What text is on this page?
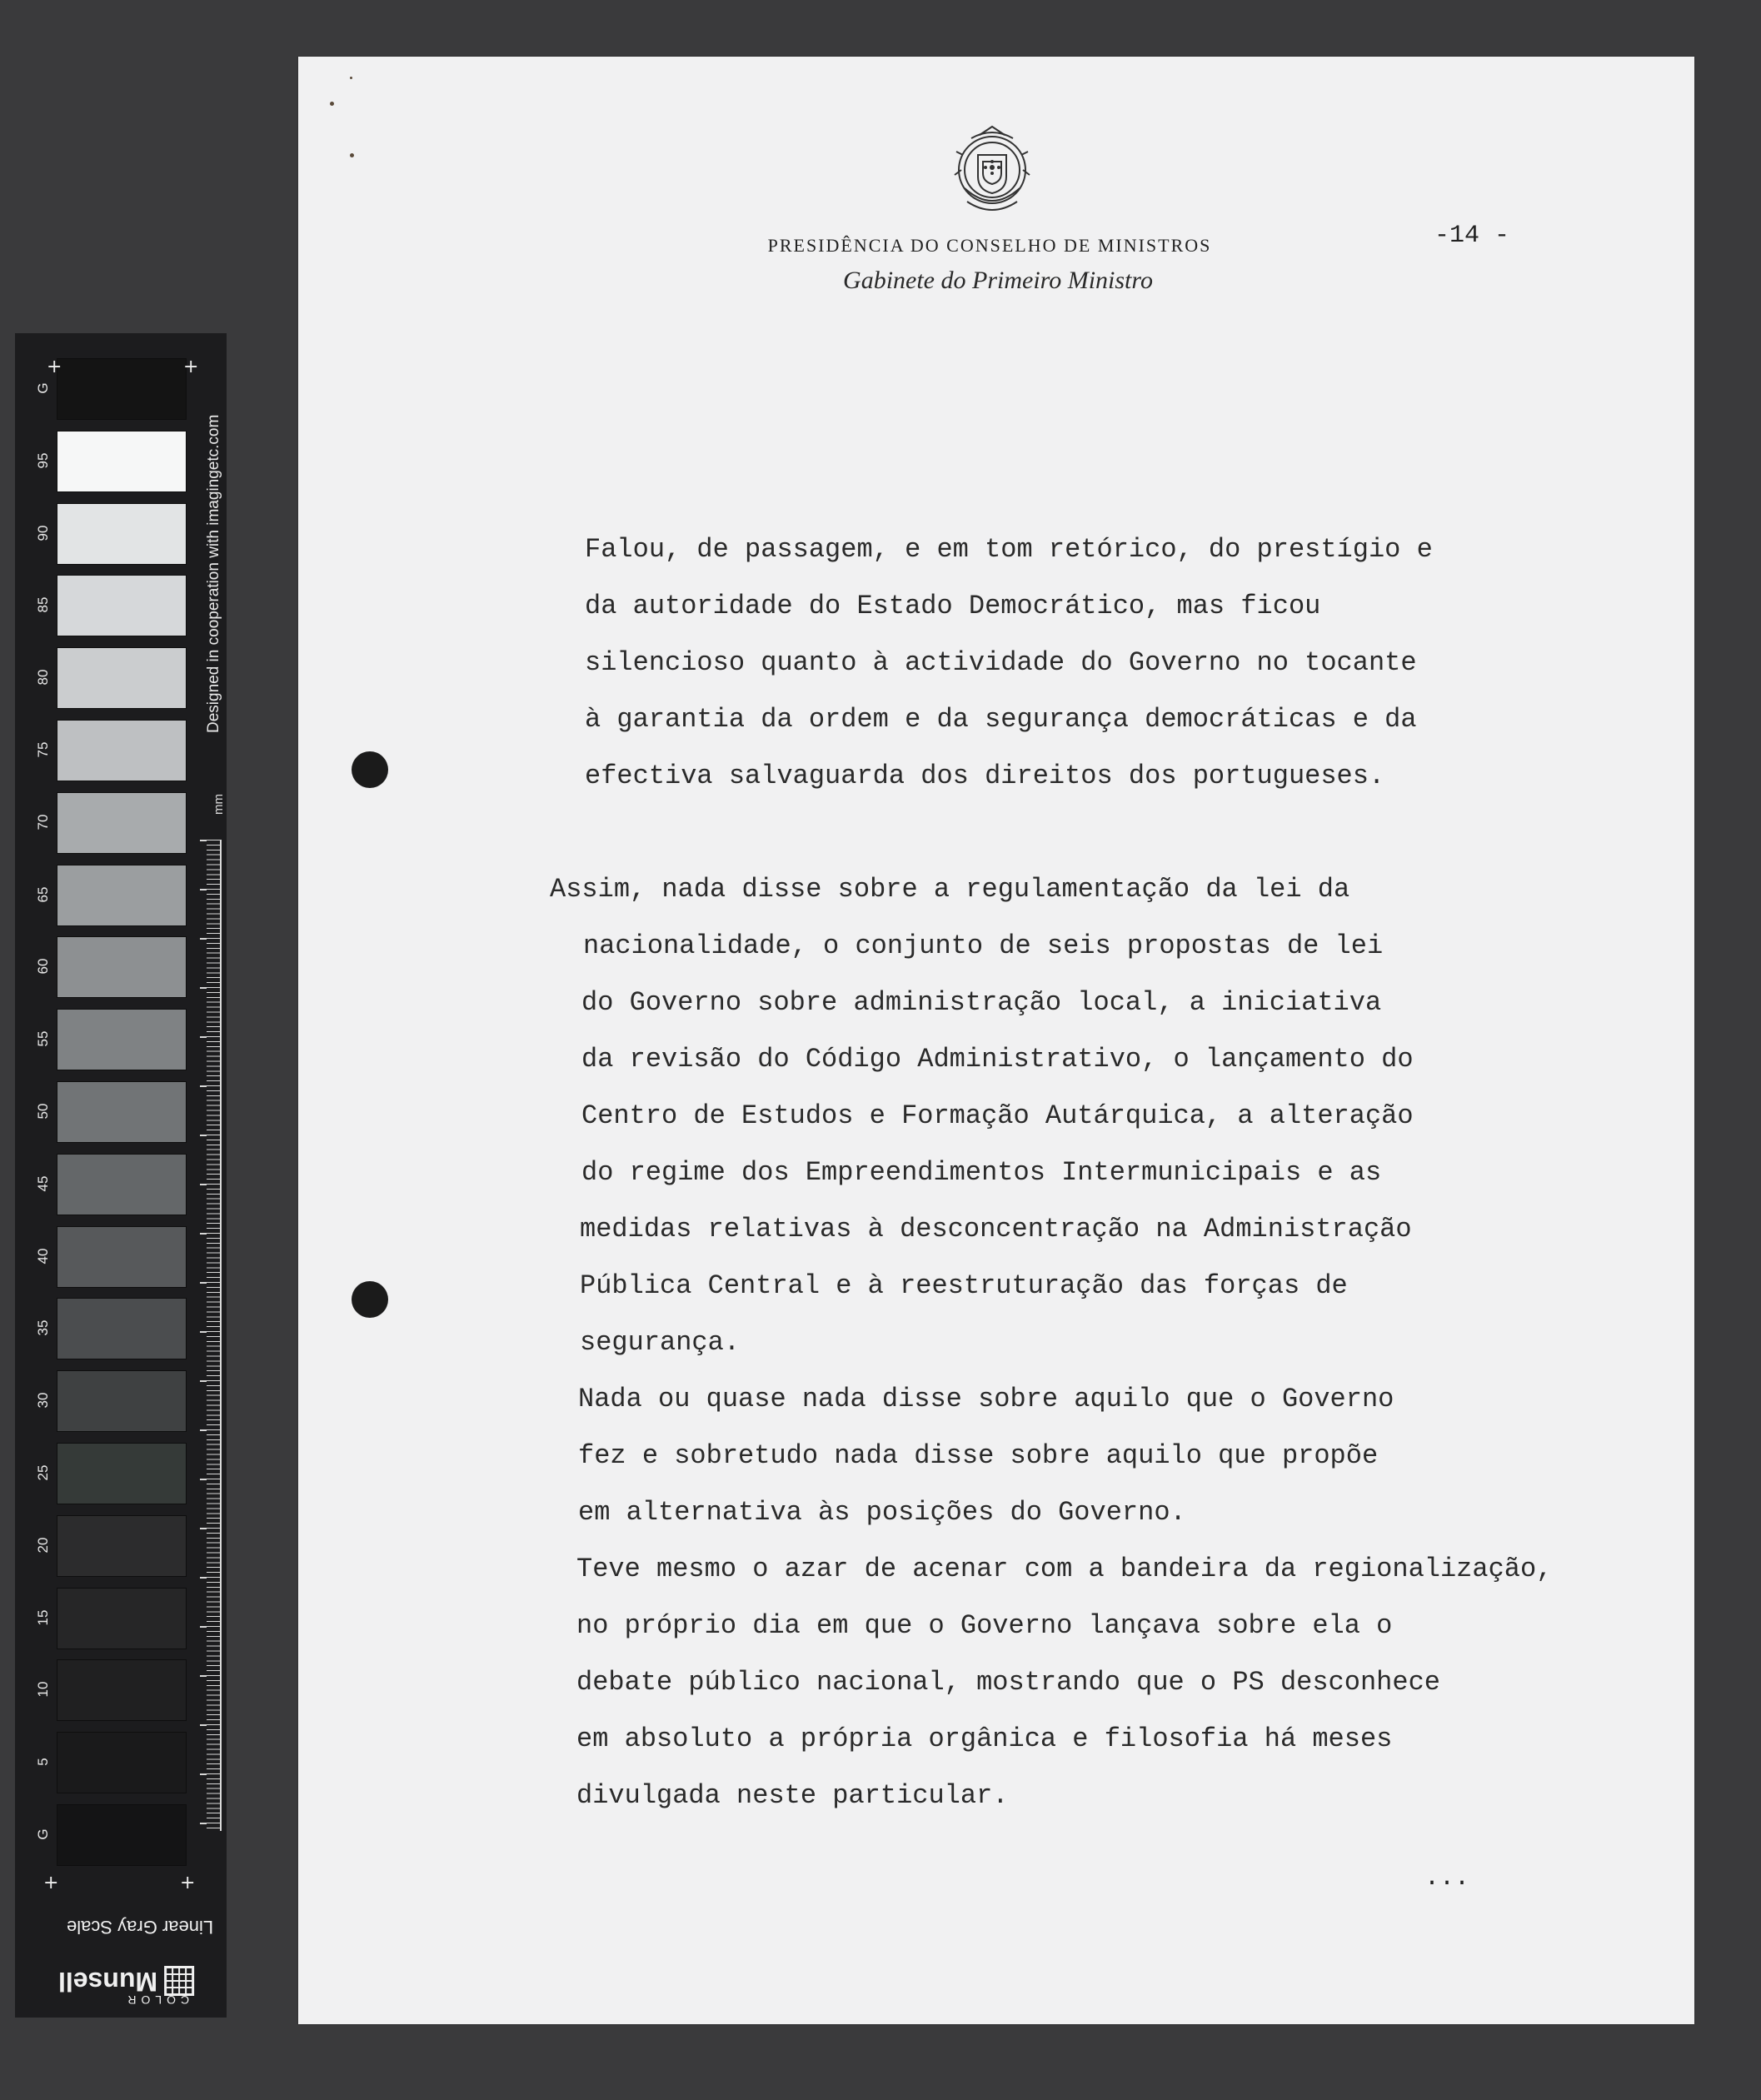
G
95
90
85
80
75
70
65
60
55
50
45
40
35
30
25
20
15
10
5
G
+	+
+	+
mm
Designed in cooperation with imagingetc.com
Linear Gray Scale
Munsell
COLOR
PRESIDÊNCIA DO CONSELHO DE MINISTROS
Gabinete do Primeiro Ministro
-14 -
Falou, de passagem, e em tom retórico, do prestígio e
da autoridade do Estado Democrático, mas ficou
silencioso quanto à actividade do Governo no tocante
à garantia da ordem e da segurança democráticas e da
efectiva salvaguarda dos direitos dos portugueses.
Assim, nada disse sobre a regulamentação da lei da
nacionalidade, o conjunto de seis propostas de lei
do Governo sobre administração local, a iniciativa
da revisão do Código Administrativo, o lançamento do
Centro de Estudos e Formação Autárquica, a alteração
do regime dos Empreendimentos Intermunicipais e as
medidas relativas à desconcentração na Administração
Pública Central e à reestruturação das forças de
segurança.
Nada ou quase nada disse sobre aquilo que o Governo
fez e sobretudo nada disse sobre aquilo que propõe
em alternativa às posições do Governo.
Teve mesmo o azar de acenar com a bandeira da regionalização,
no próprio dia em que o Governo lançava sobre ela o
debate público nacional, mostrando que o PS desconhece
em absoluto a própria orgânica e filosofia há meses
divulgada neste particular.
...
